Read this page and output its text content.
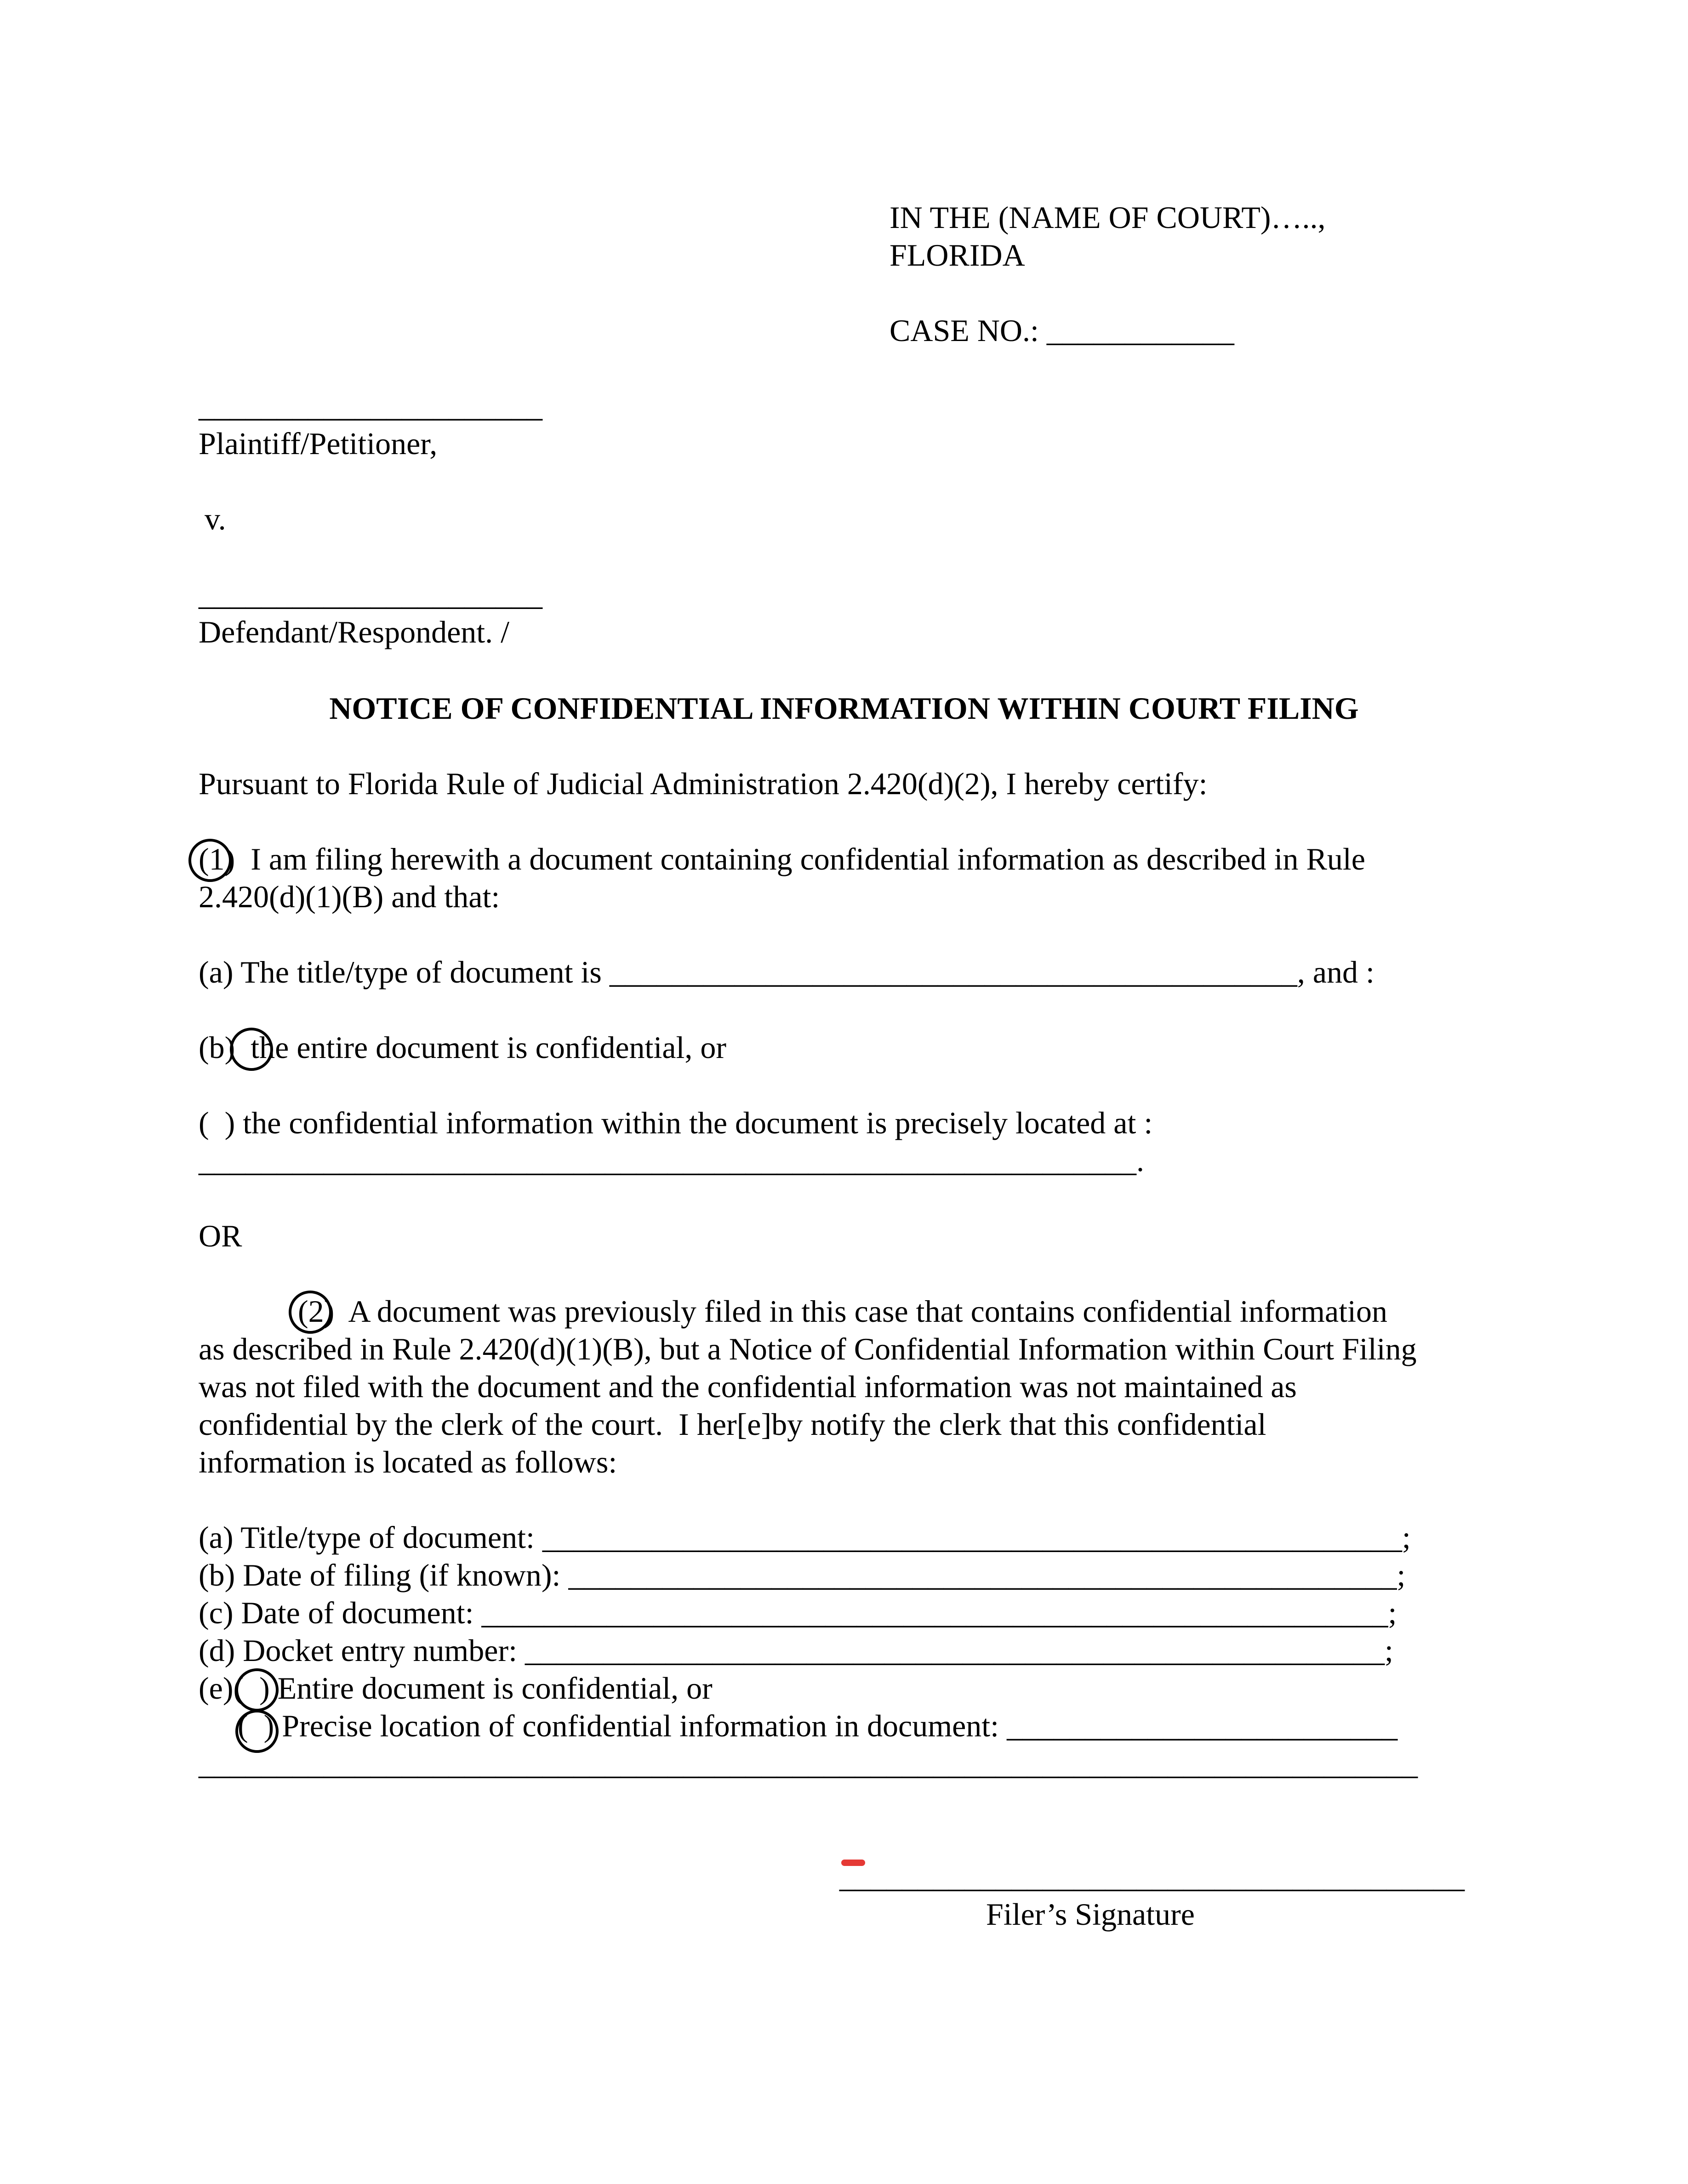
IN THE (NAME OF COURT)…..,
FLORIDA
CASE NO.: ____________
______________________
Plaintiff/Petitioner,
v.
______________________
Defendant/Respondent. /
NOTICE OF CONFIDENTIAL INFORMATION WITHIN COURT FILING
Pursuant to Florida Rule of Judicial Administration 2.420(d)(2), I hereby certify:
(1)  I am filing herewith a document containing confidential information as described in Rule
2.420(d)(1)(B) and that:
(a) The title/type of document is ____________________________________________, and :
(b)  the entire document is confidential, or
(  ) the confidential information within the document is precisely located at :
____________________________________________________________.
OR
(2)  A document was previously filed in this case that contains confidential information
as described in Rule 2.420(d)(1)(B), but a Notice of Confidential Information within Court Filing
was not filed with the document and the confidential information was not maintained as
confidential by the clerk of the court.  I her[e]by notify the clerk that this confidential
information is located as follows:
(a) Title/type of document: _______________________________________________________;
(b) Date of filing (if known): _____________________________________________________;
(c) Date of document: __________________________________________________________;
(d) Docket entry number: _______________________________________________________;
(e)(  ) Entire document is confidential, or
(  ) Precise location of confidential information in document: _________________________
______________________________________________________________________________
________________________________________
Filer’s Signature
